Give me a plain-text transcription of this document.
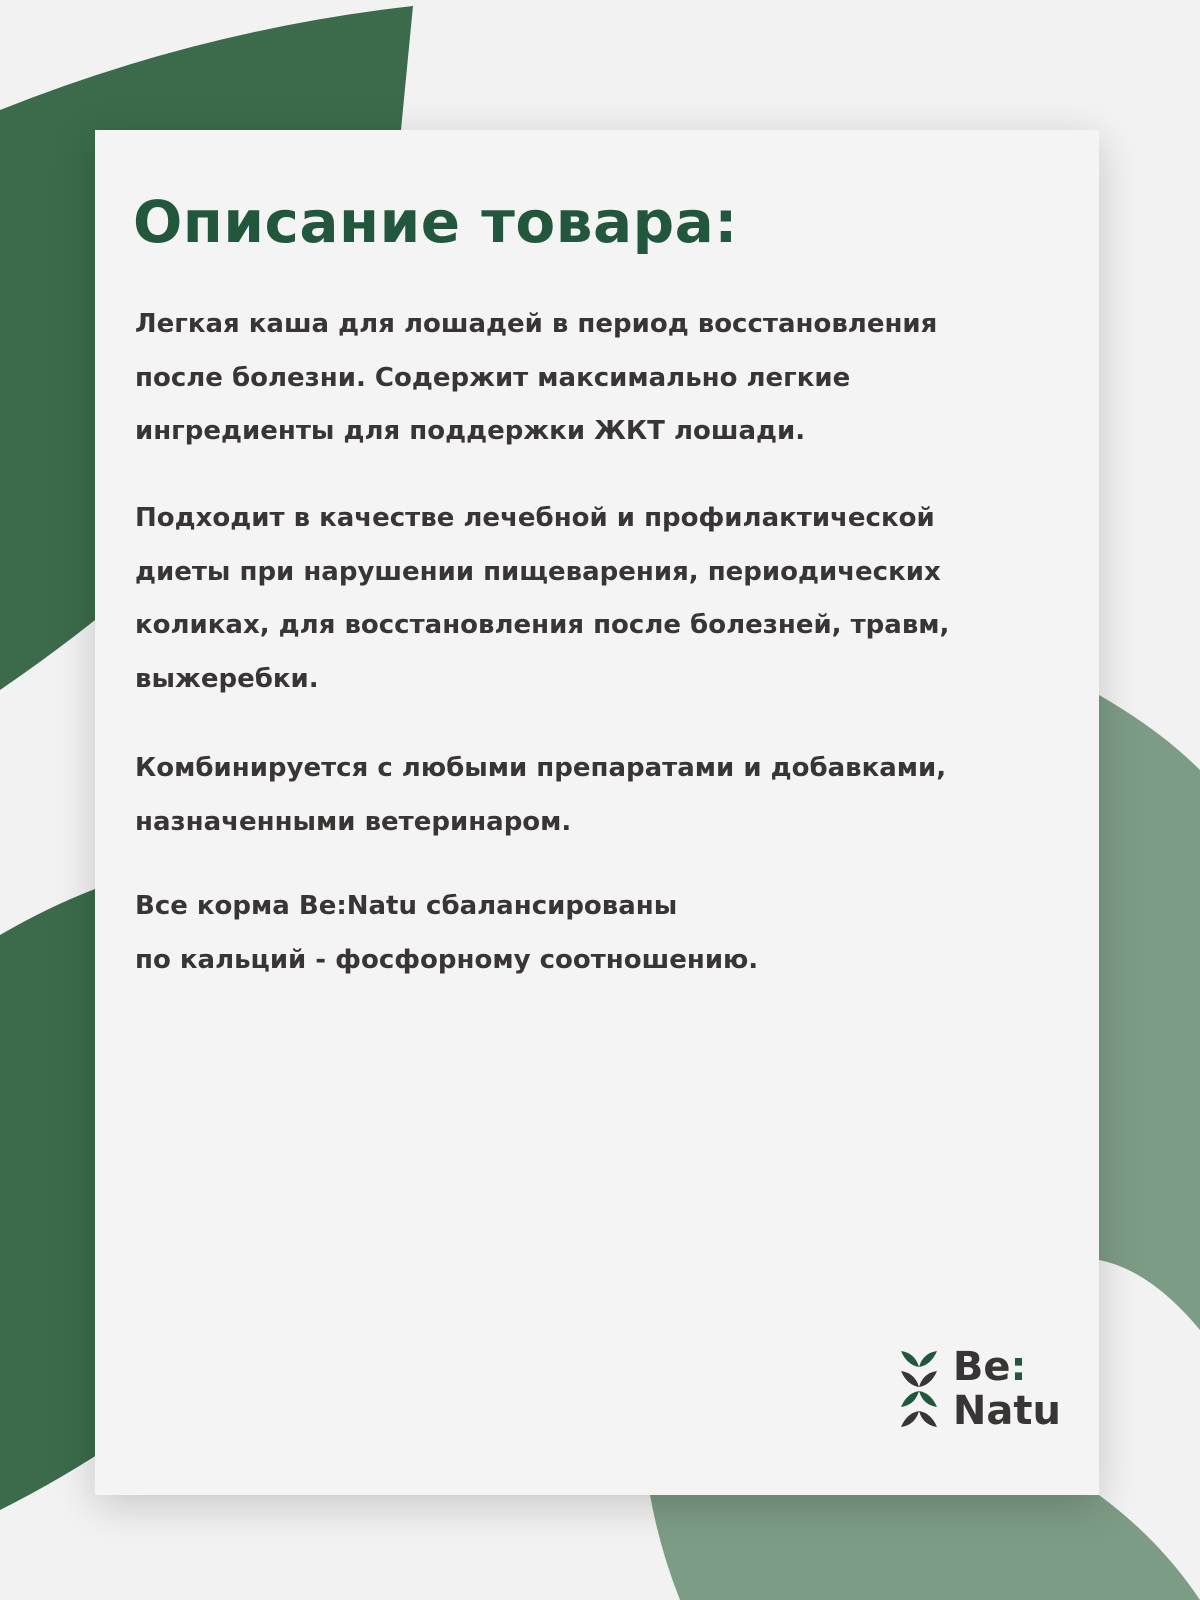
Описание товара:

Легкая каша для лошадей в период восстановления
после болезни. Содержит максимально легкие
ингредиенты для поддержки ЖКТ лошади.

Подходит в качестве лечебной и профилактической
диеты при нарушении пищеварения, периодических
коликах, для восстановления после болезней, травм,
выжеребки.

Комбинируется с любыми препаратами и добавками,
назначенными ветеринаром.

Все корма Be:Natu сбалансированы
по кальций - фосфорному соотношению.

Be:
Natu
